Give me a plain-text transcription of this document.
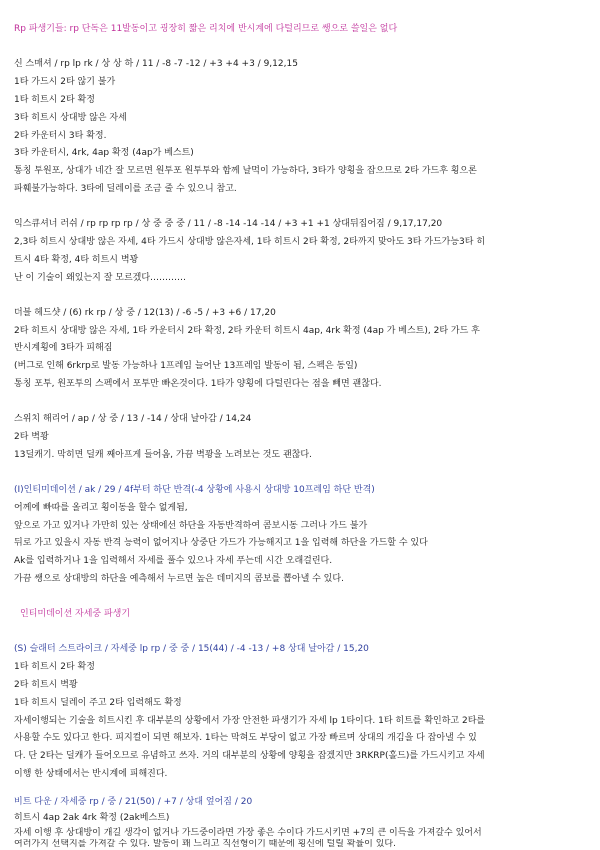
Rp 파생기들: rp 단독은 11발동이고 굉장히 짧은 리치에 반시계에 다털리므로 쌩으로 쓸일은 없다
신 스매셔 / rp lp rk / 상 상 하 / 11 / -8 -7 -12 / +3 +4 +3 / 9,12,15
1타 가드시 2타 않기 불가
1타 히트시 2타 확정
3타 히트시 상대방 않은 자세
2타 카운터시 3타 확정.
3타 카운터시, 4rk, 4ap 확정 (4ap가 베스트)
통칭 투원포, 상대가 네간 잘 모르면 원투포 원투투와 함께 날먹이 가능하다, 3타가 양횡을 잡으므로 2타 가드후 횡으론
파훼불가능하다. 3타에 딜레이를 조금 줄 수 있으니 참고.
익스큐셔너 러쉬 / rp rp rp rp / 상 중 중 중 / 11 / -8 -14 -14 -14 / +3 +1 +1 상대뒤집어짐 / 9,17,17,20
2,3타 히트시 상대방 않은 자세, 4타 가드시 상대방 않은자세, 1타 히트시 2타 확정, 2타까지 맞아도 3타 가드가능3타 히
트시 4타 확정, 4타 히트시 벽꽝
난 이 기술이 왜있는지 잘 모르겠다…………
더블 헤드샷 / (6) rk rp / 상 중 / 12(13) / -6 -5 / +3 +6 / 17,20
2타 히트시 상대방 않은 자세, 1타 카운터시 2타 확정, 2타 카운터 히트시 4ap, 4rk 확정 (4ap 가 베스트), 2타 가드 후
반시계횡에 3타가 피해짐
(버그로 인해 6rkrp로 발동 가능하나 1프레임 늘어난 13프레임 발동이 됨, 스펙은 동일)
통칭 포투, 원포투의 스펙에서 포투만 빠온것이다. 1타가 양횡에 다털린다는 점을 빼면 괜찮다.
스위치 해리어 / ap / 상 중 / 13 / -14 / 상대 날아감 / 14,24
2타 벽꽝
13딜캐기. 막히면 딜캐 째아프게 들어옴, 가끔 벽꽝을 노려보는 것도 괜찮다.
(I)인티미데이션 / ak / 29 / 4f부터 하단 반격(-4 상황에 사용시 상대방 10프레임 하단 반격)
어께에 빠따를 올리고 횡이동을 할수 없게됨,
앞으로 가고 있거나 가만히 있는 상태에선 하단을 자동반격하여 콤보시동 그러나 가드 불가
뒤로 가고 있을시 자동 반격 능력이 없어지나 상중단 가드가 가능해지고 1을 입력해 하단을 가드할 수 있다
Ak를 입력하거나 1을 입력해서 자세를 풀수 있으나 자세 푸는데 시간 오래걸린다.
가끔 쌩으로 상대방의 하단을 예측해서 누르면 높은 데미지의 콤보를 뽑아낼 수 있다.
인티미데이션 자세중 파생기
(S) 슬래터 스트라이크 / 자세중 lp rp / 중 중 / 15(44) / -4 -13 / +8 상대 날아감 / 15,20
1타 히트시 2타 확정
2타 히트시 벽꽝
1타 히트시 딜레이 주고 2타 입력해도 확정
자세이행되는 기술을 히트시킨 후 대부분의 상황에서 가장 안전한 파생기가 자세 lp 1타이다. 1타 히트를 확인하고 2타를
사용할 수도 있다고 한다. 피지컬이 되면 해보자. 1타는 막혀도 부당이 없고 가장 빠르며 상대의 개김을 다 잡아낼 수 있
다. 단 2타는 딜캐가 들어오므로 유념하고 쓰자. 거의 대부분의 상황에 양횡을 잡겠지만 3RKRP(홀드)를 가드시키고 자세
이행 한 상태에서는 반시계에 피해진다.
비트 다운 / 자세중 rp / 중 / 21(50) / +7 / 상대 엎어짐 / 20
히트시 4ap 2ak 4rk 확정 (2ak베스트)
자세 이행 후 상대방이 개길 생각이 없거나 가드중이라면 가장 좋은 수이다 가드시키면 +7의 큰 이득을 가져갈수 있어서
여러가지 선택지를 가져갈 수 있다. 발동이 꽤 느리고 직선형이기 때문에 횡신에 털릴 확률이 있다.
